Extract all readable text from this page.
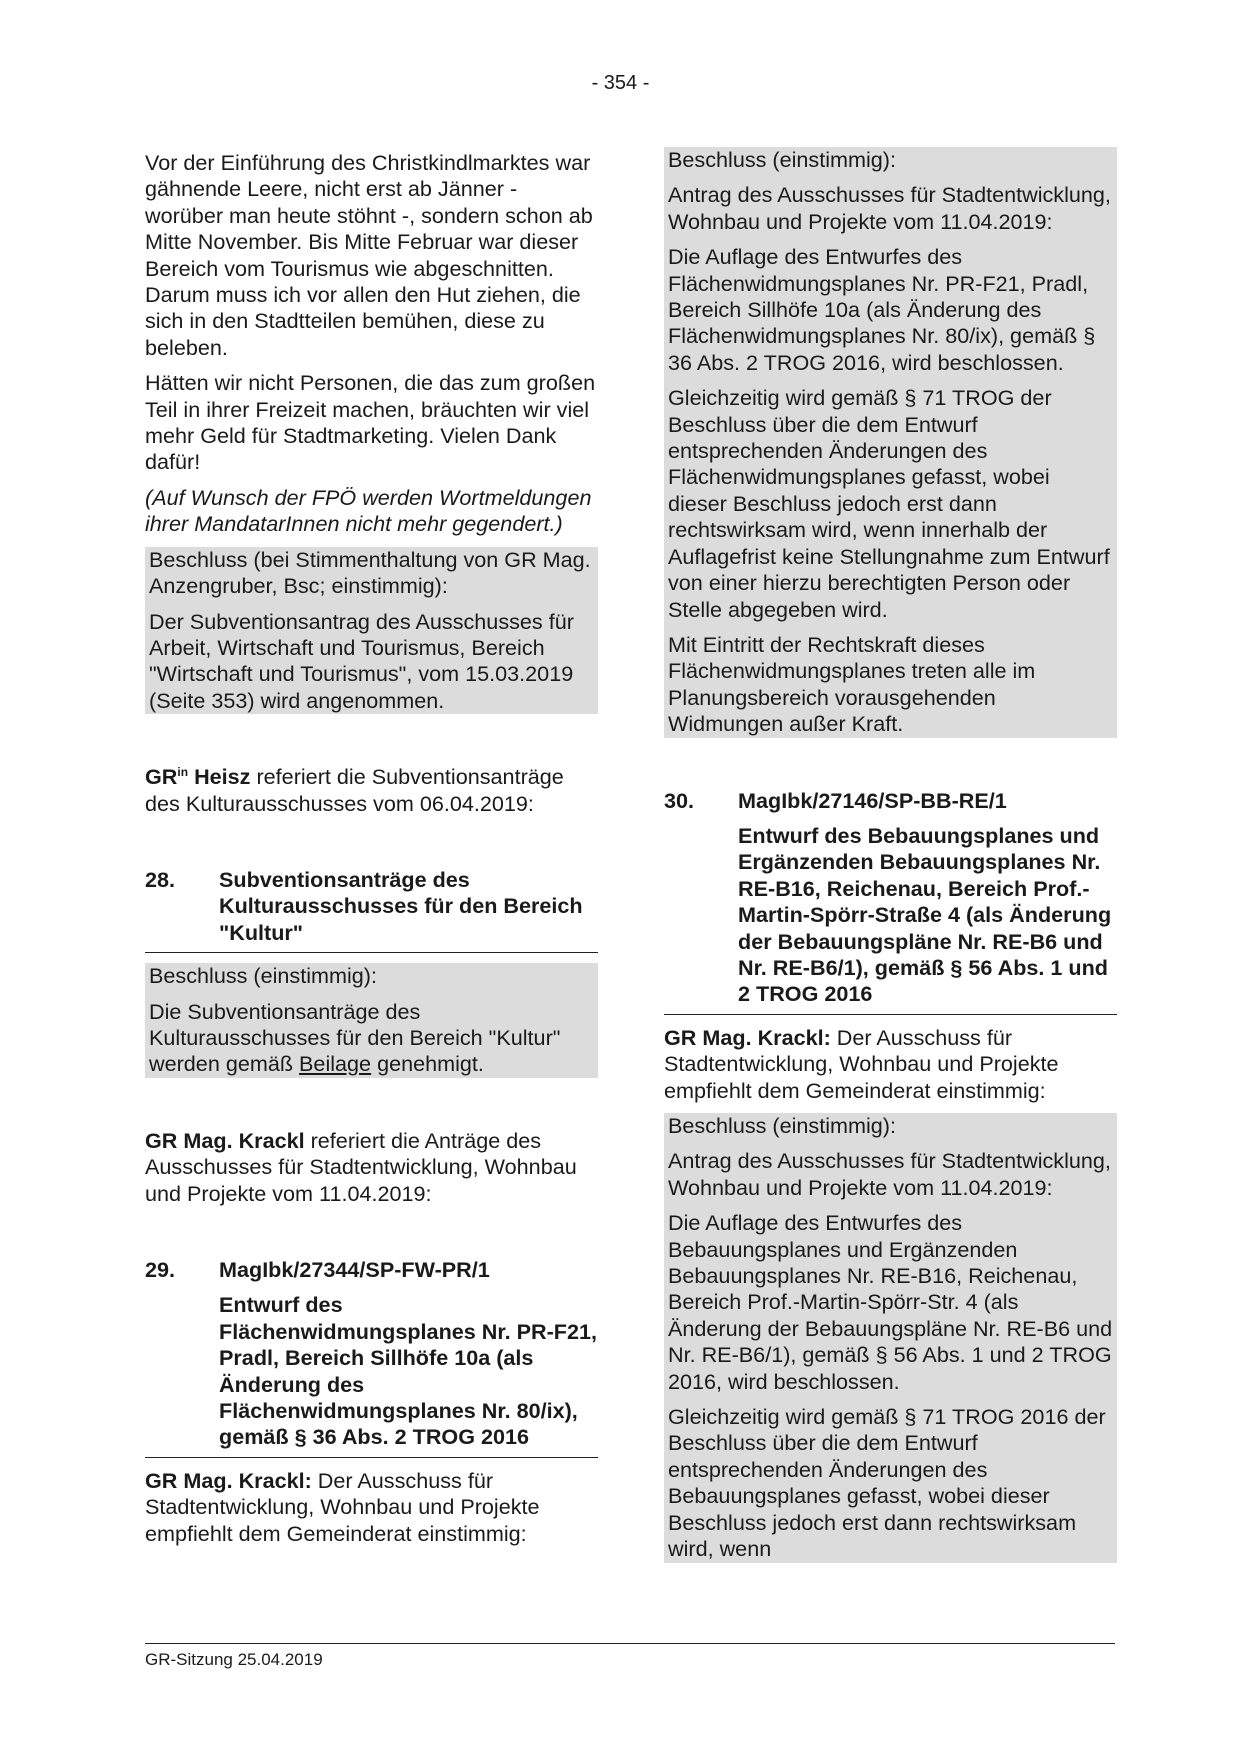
- 354 -

Vor der Einführung des Christkindlmarktes war gähnende Leere, nicht erst ab Jänner - worüber man heute stöhnt -, sondern schon ab Mitte November. Bis Mitte Februar war dieser Bereich vom Tourismus wie abgeschnitten. Darum muss ich vor allen den Hut ziehen, die sich in den Stadtteilen bemühen, diese zu beleben.

Hätten wir nicht Personen, die das zum großen Teil in ihrer Freizeit machen, bräuchten wir viel mehr Geld für Stadtmarketing. Vielen Dank dafür!

(Auf Wunsch der FPÖ werden Wortmeldungen ihrer MandatarInnen nicht mehr gegendert.)

Beschluss (bei Stimmenthaltung von GR Mag. Anzengruber, Bsc; einstimmig):

Der Subventionsantrag des Ausschusses für Arbeit, Wirtschaft und Tourismus, Bereich "Wirtschaft und Tourismus", vom 15.03.2019 (Seite 353) wird angenommen.

$GR^{in}$ Heisz referiert die Subventionsanträge des Kulturausschusses vom 06.04.2019:

28. Subventionsanträge des Kulturausschusses für den Bereich "Kultur"

Beschluss (einstimmig):

Die Subventionsanträge des Kulturausschusses für den Bereich "Kultur" werden gemäß Beilage genehmigt.

GR Mag. Krackl referiert die Anträge des Ausschusses für Stadtentwicklung, Wohnbau und Projekte vom 11.04.2019:

29. MagIbk/27344/SP-FW-PR/1
Entwurf des Flächenwidmungsplanes Nr. PR-F21, Pradl, Bereich Sillhöfe 10a (als Änderung des Flächenwidmungsplanes Nr. 80/ix), gemäß § 36 Abs. 2 TROG 2016

GR Mag. Krackl: Der Ausschuss für Stadtentwicklung, Wohnbau und Projekte empfiehlt dem Gemeinderat einstimmig:

Beschluss (einstimmig):

Antrag des Ausschusses für Stadtentwicklung, Wohnbau und Projekte vom 11.04.2019:

Die Auflage des Entwurfes des Flächenwidmungsplanes Nr. PR-F21, Pradl, Bereich Sillhöfe 10a (als Änderung des Flächenwidmungsplanes Nr. 80/ix), gemäß § 36 Abs. 2 TROG 2016, wird beschlossen.

Gleichzeitig wird gemäß § 71 TROG der Beschluss über die dem Entwurf entsprechenden Änderungen des Flächenwidmungsplanes gefasst, wobei dieser Beschluss jedoch erst dann rechtswirksam wird, wenn innerhalb der Auflagefrist keine Stellungnahme zum Entwurf von einer hierzu berechtigten Person oder Stelle abgegeben wird.

Mit Eintritt der Rechtskraft dieses Flächenwidmungsplanes treten alle im Planungsbereich vorausgehenden Widmungen außer Kraft.

30. MagIbk/27146/SP-BB-RE/1
Entwurf des Bebauungsplanes und Ergänzenden Bebauungsplanes Nr. RE-B16, Reichenau, Bereich Prof.-Martin-Spörr-Straße 4 (als Änderung der Bebauungspläne Nr. RE-B6 und Nr. RE-B6/1), gemäß § 56 Abs. 1 und 2 TROG 2016

GR Mag. Krackl: Der Ausschuss für Stadtentwicklung, Wohnbau und Projekte empfiehlt dem Gemeinderat einstimmig:

Beschluss (einstimmig):

Antrag des Ausschusses für Stadtentwicklung, Wohnbau und Projekte vom 11.04.2019:

Die Auflage des Entwurfes des Bebauungsplanes und Ergänzenden Bebauungsplanes Nr. RE-B16, Reichenau, Bereich Prof.-Martin-Spörr-Str. 4 (als Änderung der Bebauungspläne Nr. RE-B6 und Nr. RE-B6/1), gemäß § 56 Abs. 1 und 2 TROG 2016, wird beschlossen.

Gleichzeitig wird gemäß § 71 TROG 2016 der Beschluss über die dem Entwurf entsprechenden Änderungen des Bebauungsplanes gefasst, wobei dieser Beschluss jedoch erst dann rechtswirksam wird, wenn

GR-Sitzung 25.04.2019
